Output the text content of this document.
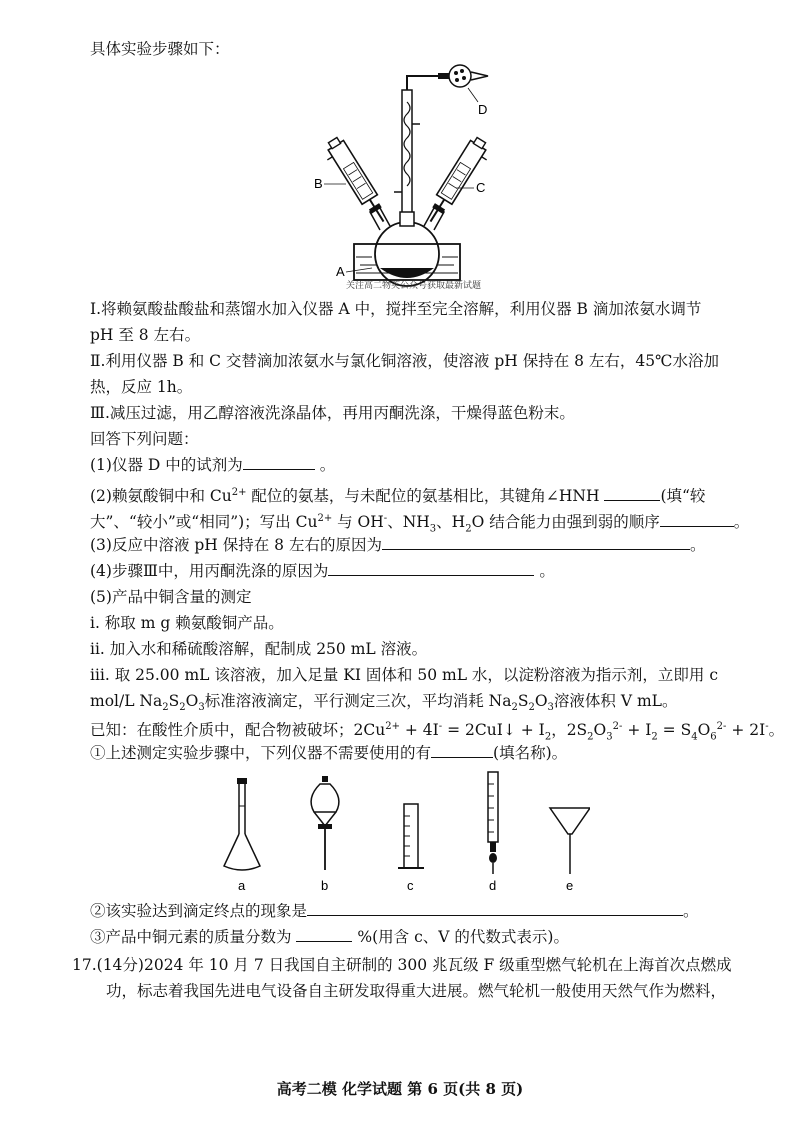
具体实验步骤如下：
D
B	C
A
关注高二物英公众号获取最新试题
Ⅰ.将赖氨酸盐酸盐和蒸馏水加入仪器 A 中，搅拌至完全溶解，利用仪器 B 滴加浓氨水调节
pH 至 8 左右。
Ⅱ.利用仪器 B 和 C 交替滴加浓氨水与氯化铜溶液，使溶液 pH 保持在 8 左右，45℃水浴加
热，反应 1h。
Ⅲ.减压过滤，用乙醇溶液洗涤晶体，再用丙酮洗涤，干燥得蓝色粉末。
回答下列问题：
(1)仪器 D 中的试剂为	。
(2)赖氨酸铜中和 $Cu^{2+}$ 配位的氨基，与未配位的氨基相比，其键角∠HNH	(填“较
大”、“较小”或“相同”)；写出 $Cu^{2+}$ 与 OH-、$NH_3$、$H_2O$ 结合能力由强到弱的顺序	。
(3)反应中溶液 pH 保持在 8 左右的原因为	。
(4)步骤Ⅲ中，用丙酮洗涤的原因为	。
(5)产品中铜含量的测定
ⅰ. 称取 m g 赖氨酸铜产品。
ⅱ. 加入水和稀硫酸溶解，配制成 250 mL 溶液。
ⅲ. 取 25.00 mL 该溶液，加入足量 KI 固体和 50 mL 水，以淀粉溶液为指示剂，立即用 c
mol/L $Na_2S_2O_3$标准溶液滴定，平行测定三次，平均消耗 $Na_2S_2O_3$溶液体积 V mL。
已知：在酸性介质中，配合物被破坏；$2Cu^{2+} + 4I^-$ = 2CuI↓ + $I_2$，$2S_2O_3^{2-} + I_2 = S_4O_6^{2-} + 2I^-$。
①上述测定实验步骤中，下列仪器不需要使用的有	(填名称)。
a	b	c	d	e
②该实验达到滴定终点的现象是	。
③产品中铜元素的质量分数为	%(用含 c、V 的代数式表示)。
17.(14分)2024 年 10 月 7 日我国自主研制的 300 兆瓦级 F 级重型燃气轮机在上海首次点燃成
功，标志着我国先进电气设备自主研发取得重大进展。燃气轮机一般使用天然气作为燃料，
高考二模 化学试题 第 6 页(共 8 页)
